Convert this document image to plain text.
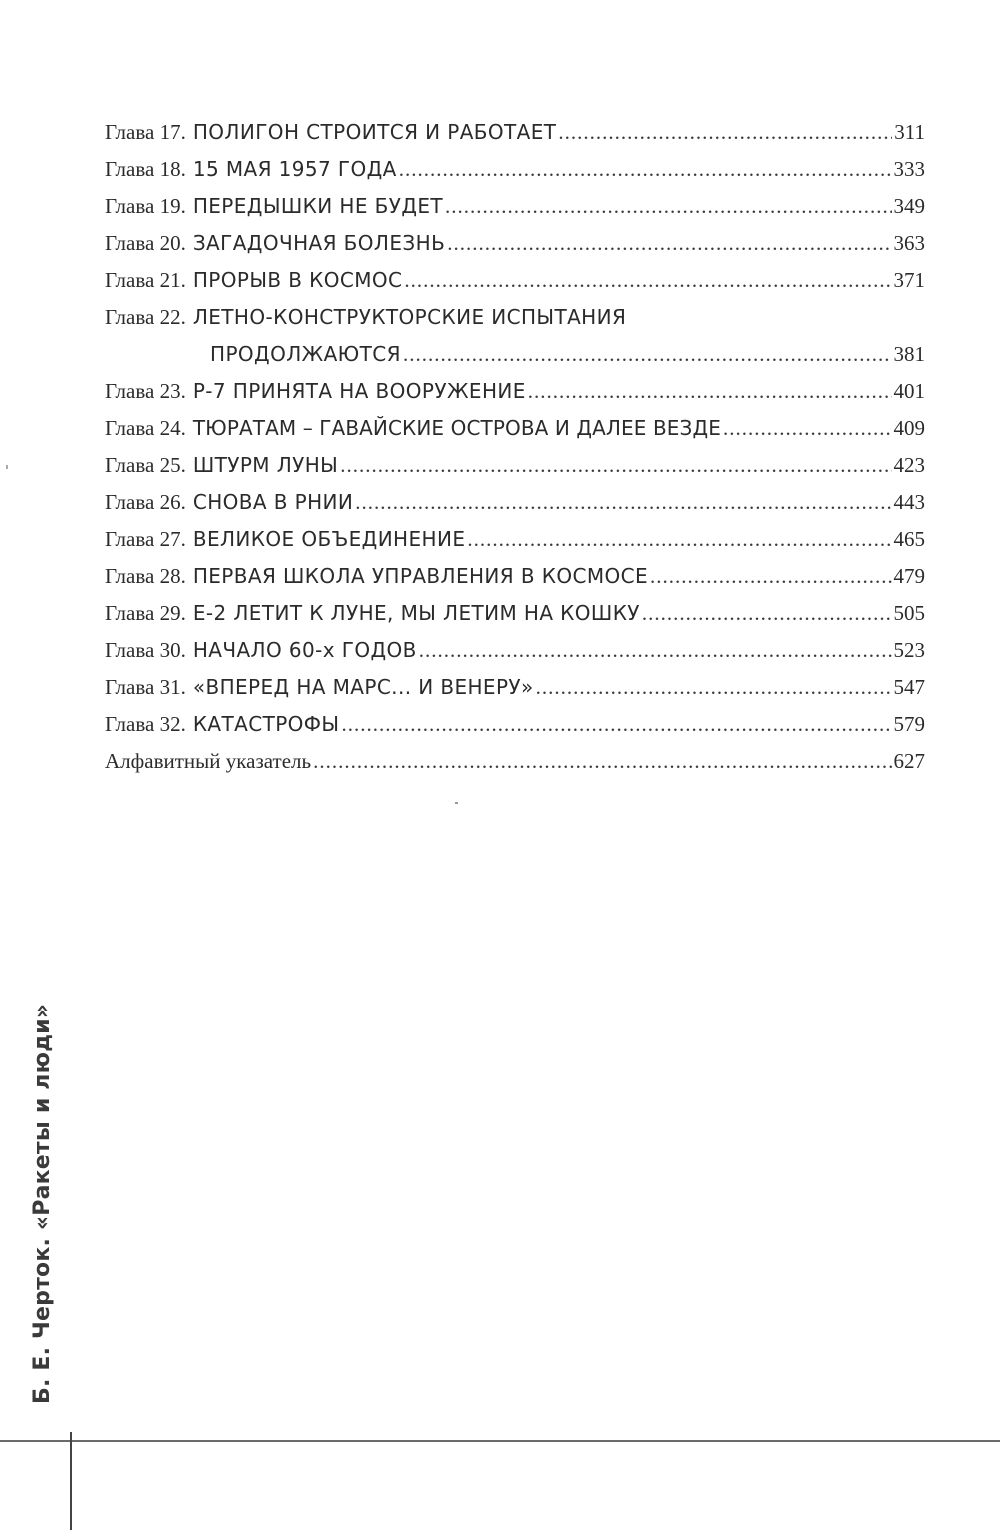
Глава 17. ПОЛИГОН СТРОИТСЯ И РАБОТАЕТ .....	311
Глава 18. 15 МАЯ 1957 ГОДА .....	333
Глава 19. ПЕРЕДЫШКИ НЕ БУДЕТ .....	349
Глава 20. ЗАГАДОЧНАЯ БОЛЕЗНЬ .....	363
Глава 21. ПРОРЫВ В КОСМОС .....	371
Глава 22. ЛЕТНО-КОНСТРУКТОРСКИЕ ИСПЫТАНИЯ
ПРОДОЛЖАЮТСЯ .....	381
Глава 23. Р-7 ПРИНЯТА НА ВООРУЖЕНИЕ .....	401
Глава 24. ТЮРАТАМ – ГАВАЙСКИЕ ОСТРОВА И ДАЛЕЕ ВЕЗДЕ .....	409
Глава 25. ШТУРМ ЛУНЫ .....	423
Глава 26. СНОВА В РНИИ .....	443
Глава 27. ВЕЛИКОЕ ОБЪЕДИНЕНИЕ .....	465
Глава 28. ПЕРВАЯ ШКОЛА УПРАВЛЕНИЯ В КОСМОСЕ .....	479
Глава 29. Е-2 ЛЕТИТ К ЛУНЕ, МЫ ЛЕТИМ НА КОШКУ .....	505
Глава 30. НАЧАЛО 60-х ГОДОВ .....	523
Глава 31. «ВПЕРЕД НА МАРС... И ВЕНЕРУ» .....	547
Глава 32. КАТАСТРОФЫ .....	579
Алфавитный указатель .....	627
Б. Е. Черток. «Ракеты и люди»
